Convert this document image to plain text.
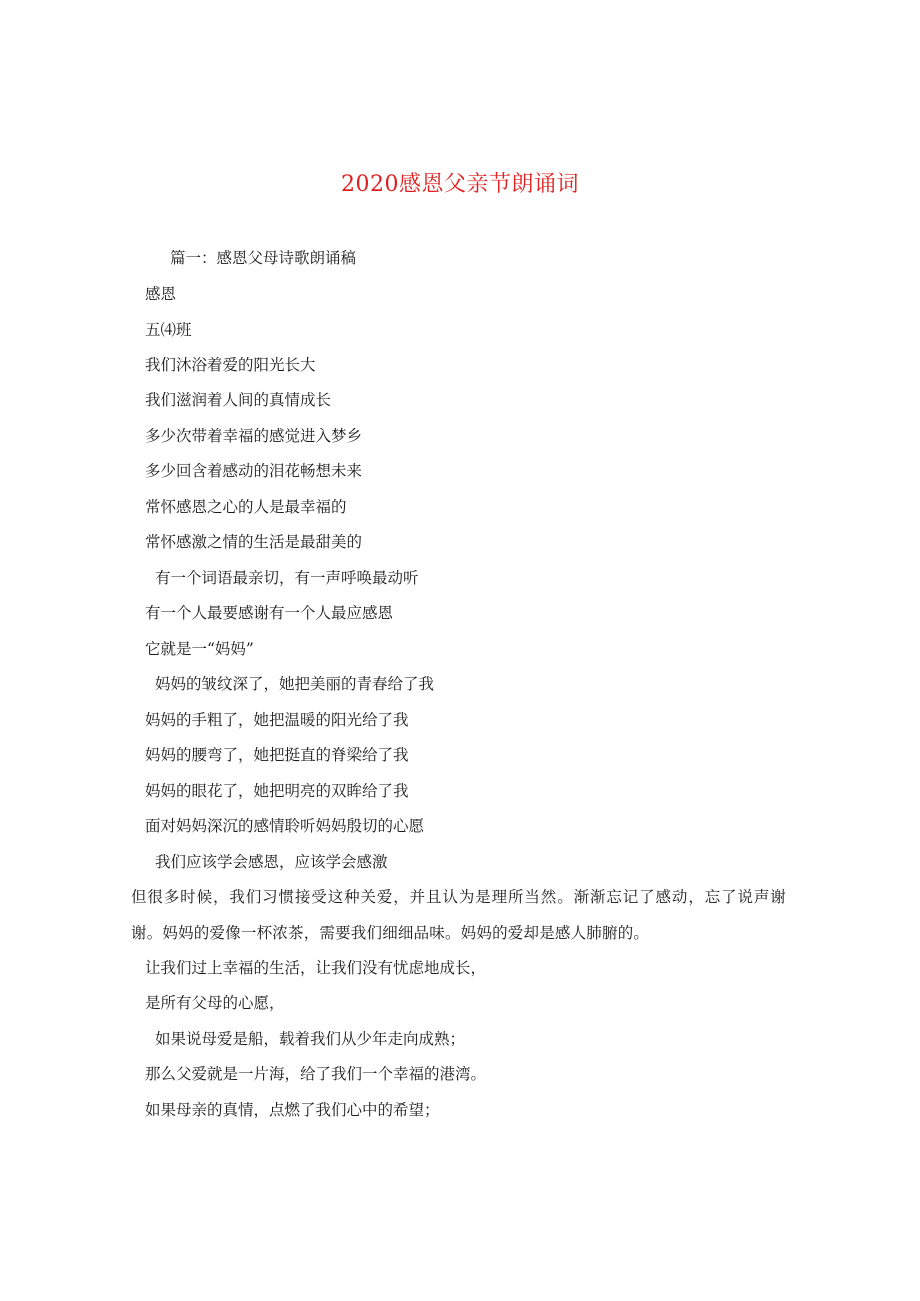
2020感恩父亲节朗诵词

篇一：感恩父母诗歌朗诵稿

感恩

五⑷班

我们沐浴着爱的阳光长大

我们滋润着人间的真情成长

多少次带着幸福的感觉进入梦乡

多少回含着感动的泪花畅想未来

常怀感恩之心的人是最幸福的

常怀感激之情的生活是最甜美的

有一个词语最亲切，有一声呼唤最动听

有一个人最要感谢有一个人最应感恩

它就是一“妈妈”

妈妈的皱纹深了，她把美丽的青春给了我

妈妈的手粗了，她把温暖的阳光给了我

妈妈的腰弯了，她把挺直的脊梁给了我

妈妈的眼花了，她把明亮的双眸给了我

面对妈妈深沉的感情聆听妈妈殷切的心愿

我们应该学会感恩，应该学会感激

但很多时候，我们习惯接受这种关爱，并且认为是理所当然。渐渐忘记了感动，忘了说声谢谢。妈妈的爱像一杯浓茶，需要我们细细品味。妈妈的爱却是感人肺腑的。

让我们过上幸福的生活，让我们没有忧虑地成长，

是所有父母的心愿，

如果说母爱是船，载着我们从少年走向成熟；

那么父爱就是一片海，给了我们一个幸福的港湾。

如果母亲的真情，点燃了我们心中的希望；
